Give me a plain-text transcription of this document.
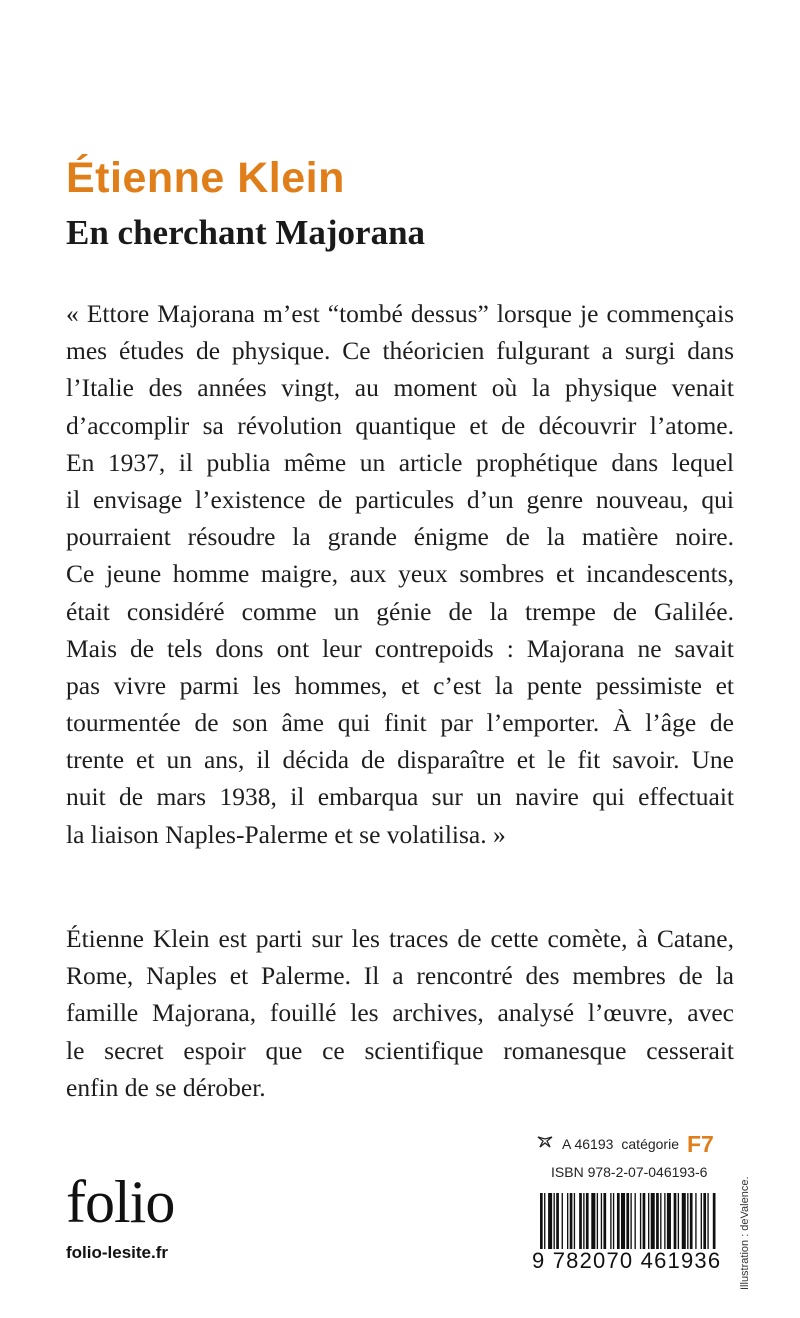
Étienne Klein
En cherchant Majorana
« Ettore Majorana m’est “tombé dessus” lorsque je commençais
mes études de physique. Ce théoricien fulgurant a surgi dans
l’Italie des années vingt, au moment où la physique venait
d’accomplir sa révolution quantique et de découvrir l’atome.
En 1937, il publia même un article prophétique dans lequel
il envisage l’existence de particules d’un genre nouveau, qui
pourraient résoudre la grande énigme de la matière noire.
Ce jeune homme maigre, aux yeux sombres et incandescents,
était considéré comme un génie de la trempe de Galilée.
Mais de tels dons ont leur contrepoids : Majorana ne savait
pas vivre parmi les hommes, et c’est la pente pessimiste et
tourmentée de son âme qui finit par l’emporter. À l’âge de
trente et un ans, il décida de disparaître et le fit savoir. Une
nuit de mars 1938, il embarqua sur un navire qui effectuait
la liaison Naples-Palerme et se volatilisa. »
Étienne Klein est parti sur les traces de cette comète, à Catane,
Rome, Naples et Palerme. Il a rencontré des membres de la
famille Majorana, fouillé les archives, analysé l’œuvre, avec
le secret espoir que ce scientifique romanesque cesserait
enfin de se dérober.
A 46193 catégorie F7
ISBN 978-2-07-046193-6
folio
folio-lesite.fr	9 782070 461936	Illustration : deValence.
